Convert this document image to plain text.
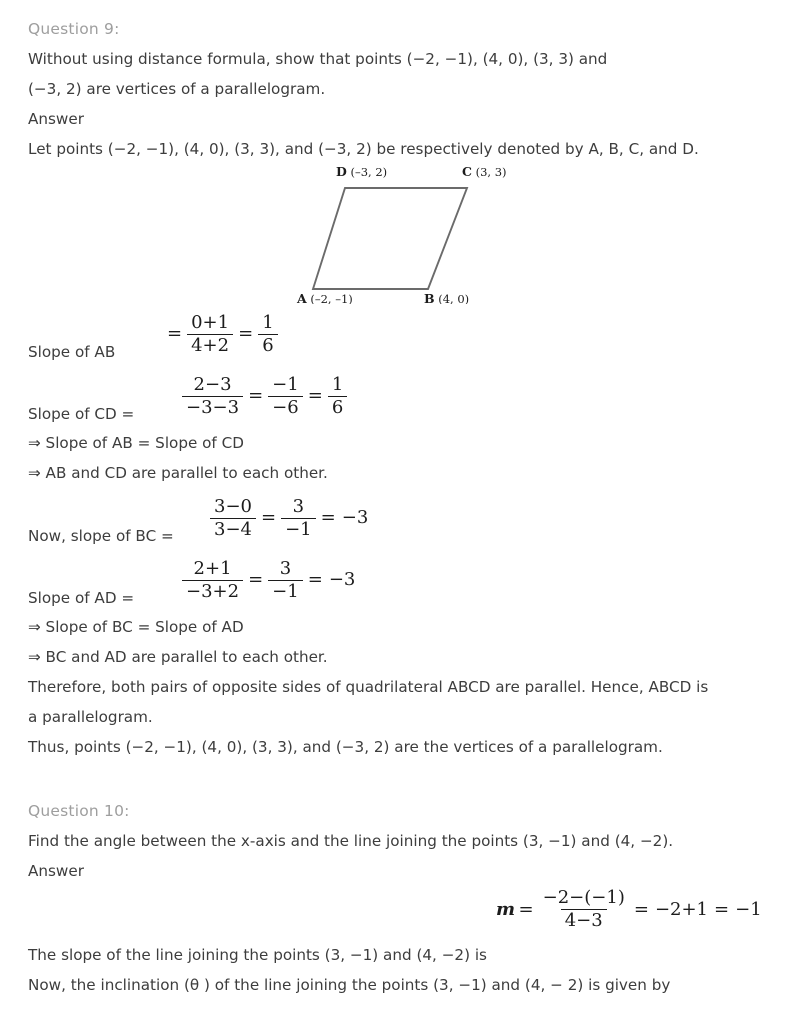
Question 9:
Without using distance formula, show that points (−2, −1), (4, 0), (3, 3) and
(−3, 2) are vertices of a parallelogram.
Answer
Let points (−2, −1), (4, 0), (3, 3), and (−3, 2) be respectively denoted by A, B, C, and D.
D (–3, 2)	C (3, 3)
A (–2, –1)	B (4, 0)
Slope of AB
= $\frac{0+1}{4+2} = \frac{1}{6}$
Slope of CD =	$\frac{2-3}{-3-3} = \frac{-1}{-6} = \frac{1}{6}$
⇒ Slope of AB = Slope of CD
⇒ AB and CD are parallel to each other.
Now, slope of BC = $\frac{3-0}{3-4} = \frac{3}{-1} = -3$
Slope of AD =	$\frac{2+1}{-3+2} = \frac{3}{-1} = -3$
⇒ Slope of BC = Slope of AD
⇒ BC and AD are parallel to each other.
Therefore, both pairs of opposite sides of quadrilateral ABCD are parallel. Hence, ABCD is
a parallelogram.
Thus, points (−2, −1), (4, 0), (3, 3), and (−3, 2) are the vertices of a parallelogram.
Question 10:
Find the angle between the x-axis and the line joining the points (3, −1) and (4, −2).
Answer
$m = \frac{-2-(-1)}{4-3} = -2+1 = -1$
The slope of the line joining the points (3, −1) and (4, −2) is
Now, the inclination (θ ) of the line joining the points (3, −1) and (4, − 2) is given by
